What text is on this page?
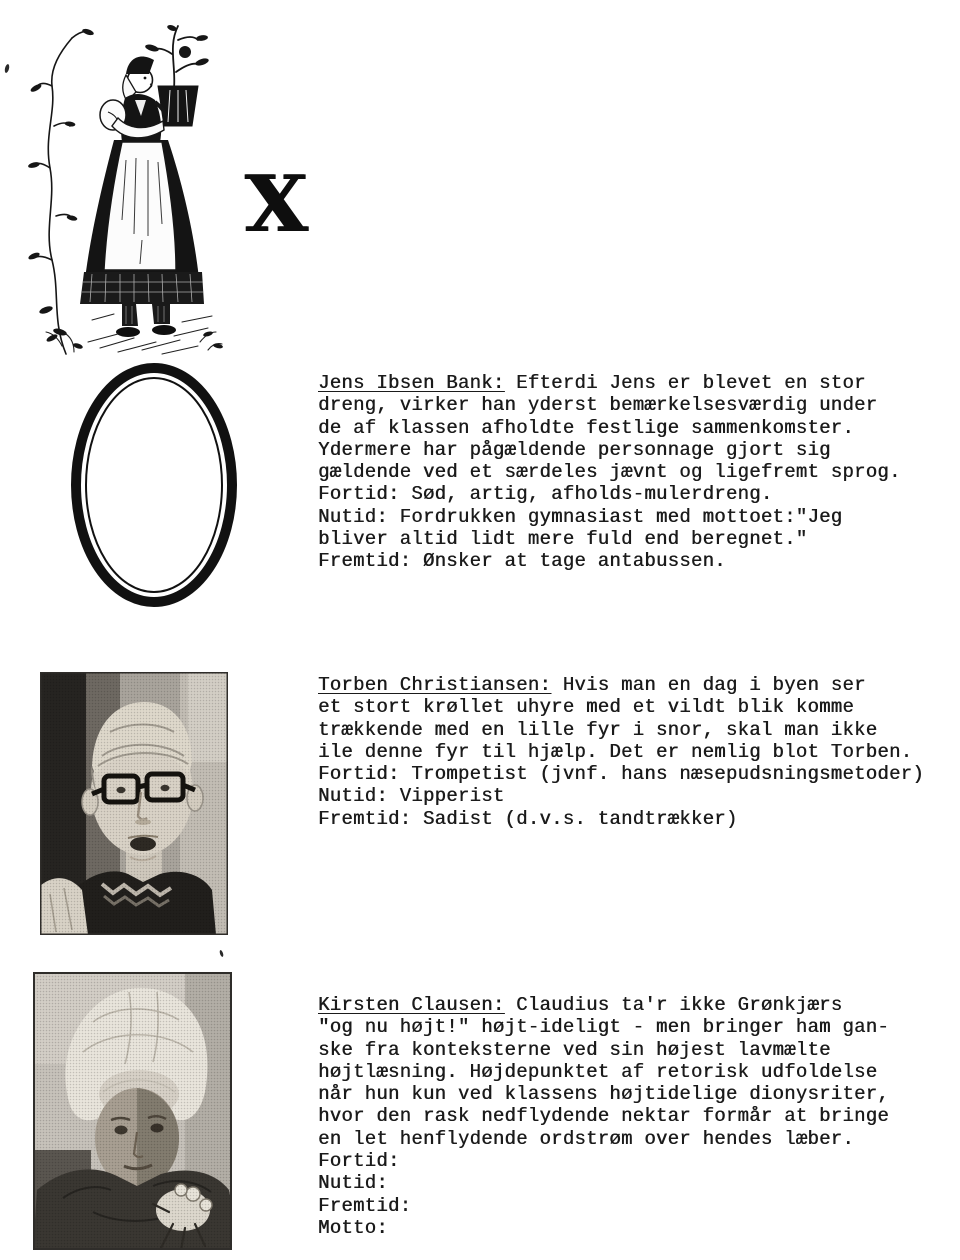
X

Jens Ibsen Bank: Efterdi Jens er blevet en stor

dreng, virker han yderst bemærkelsesværdig under

de af klassen afholdte festlige sammenkomster.

Ydermere har pågældende personnage gjort sig

gældende ved et særdeles jævnt og ligefremt sprog.

Fortid: Sød, artig, afholds-mulerdreng.

Nutid: Fordrukken gymnasiast med mottoet:"Jeg

bliver altid lidt mere fuld end beregnet."

Fremtid: Ønsker at tage antabussen.

Torben Christiansen: Hvis man en dag i byen ser

et stort krøllet uhyre med et vildt blik komme

trækkende med en lille fyr i snor, skal man ikke

ile denne fyr til hjælp. Det er nemlig blot Torben.

Fortid: Trompetist (jvnf. hans næsepudsningsmetoder)

Nutid: Vipperist

Fremtid: Sadist (d.v.s. tandtrækker)

Kirsten Clausen: Claudius ta'r ikke Grønkjærs

"og nu højt!" højt-ideligt - men bringer ham gan-

ske fra konteksterne ved sin højest lavmælte

højtlæsning. Højdepunktet af retorisk udfoldelse

når hun kun ved klassens højtidelige dionysriter,

hvor den rask nedflydende nektar formår at bringe

en let henflydende ordstrøm over hendes læber.

Fortid:

Nutid:

Fremtid:

Motto:
